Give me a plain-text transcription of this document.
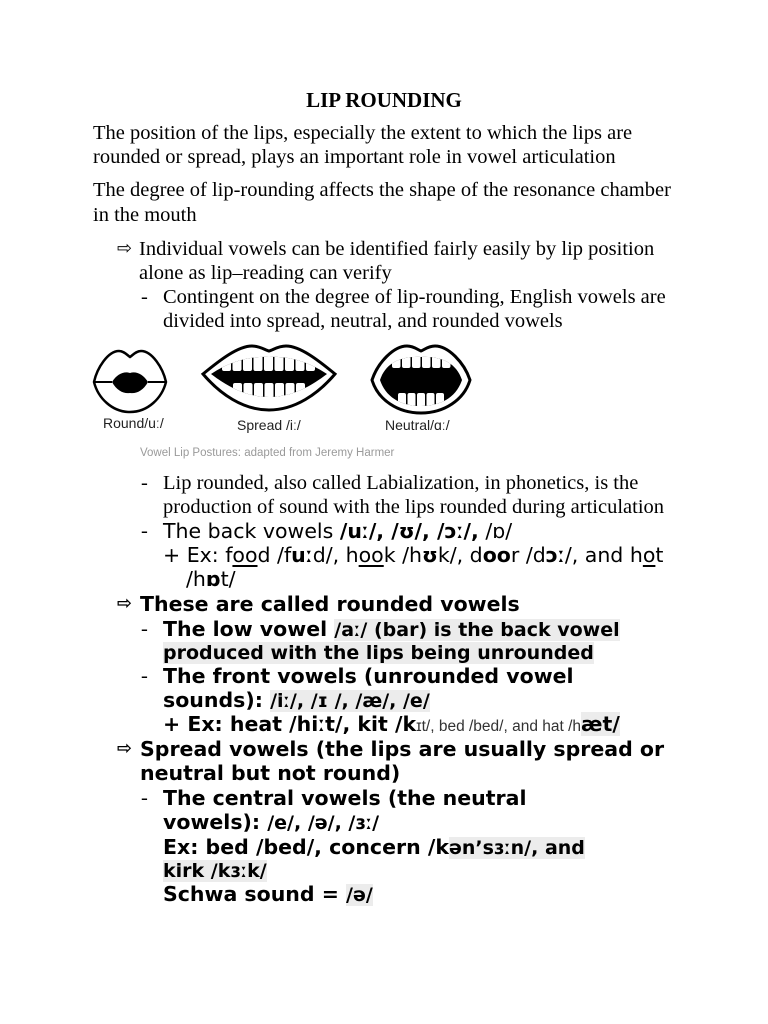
LIP ROUNDING
The position of the lips, especially the extent to which the lips are
rounded or spread, plays an important role in vowel articulation
The degree of lip-rounding affects the shape of the resonance chamber
in the mouth
⇨ Individual vowels can be identified fairly easily by lip position
alone as lip–reading can verify
- Contingent on the degree of lip-rounding, English vowels are
divided into spread, neutral, and rounded vowels
Round/uː/	Spread /iː/	Neutral/ɑː/
Vowel Lip Postures: adapted from Jeremy Harmer
- Lip rounded, also called Labialization, in phonetics, is the
production of sound with the lips rounded during articulation
- The back vowels /uː/, /ʊ/, /ɔː/, /ɒ/
+ Ex: food /fuːd/, hook /hʊk/, door /dɔː/, and hot
/hɒt/
⇨ These are called rounded vowels
- The low vowel /aː/ (bar) is the back vowel
produced with the lips being unrounded
- The front vowels (unrounded vowel
sounds): /iː/, /ɪ /, /æ/, /e/
+ Ex: heat /hiːt/, kit /kɪt/, bed /bed/, and hat /hæt/
⇨ Spread vowels (the lips are usually spread or
neutral but not round)
- The central vowels (the neutral
vowels): /e/, /ə/, /ɜː/
Ex: bed /bed/, concern /kən’sɜːn/, and
kirk /kɜːk/
Schwa sound = /ə/
